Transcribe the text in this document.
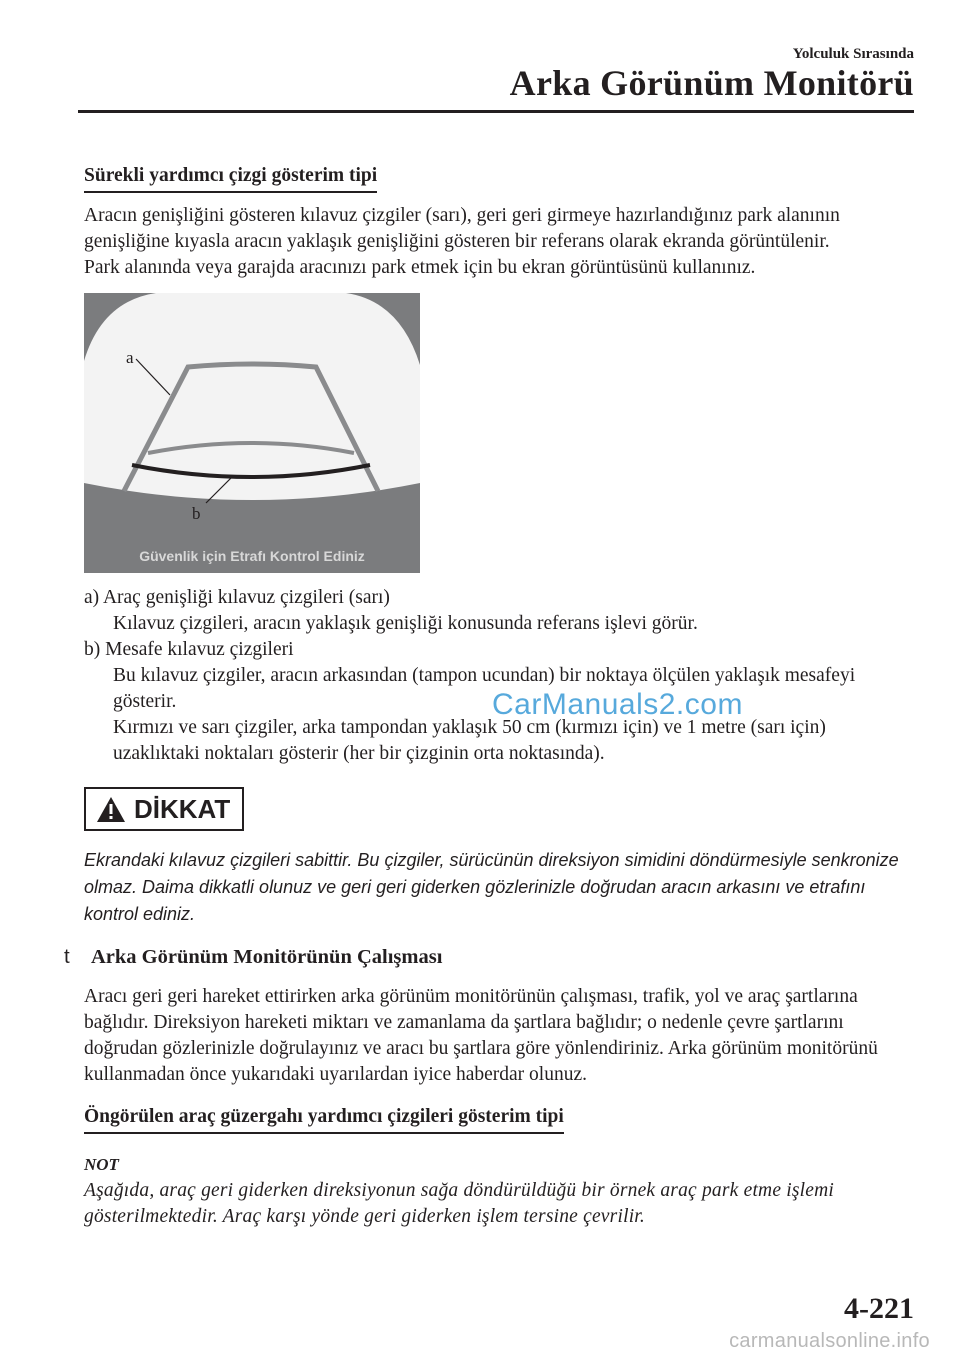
Yolculuk Sırasında
Arka Görünüm Monitörü
Sürekli yardımcı çizgi gösterim tipi

Aracın genişliğini gösteren kılavuz çizgiler (sarı), geri geri girmeye hazırlandığınız park alanının genişliğine kıyasla aracın yaklaşık genişliğini gösteren bir referans olarak ekranda görüntülenir.

Park alanında veya garajda aracınızı park etmek için bu ekran görüntüsünü kullanınız.

a
b
Güvenlik için Etrafı Kontrol Ediniz
a) Araç genişliği kılavuz çizgileri (sarı)
Kılavuz çizgileri, aracın yaklaşık genişliği konusunda referans işlevi görür.
b) Mesafe kılavuz çizgileri
Bu kılavuz çizgiler, aracın arkasından (tampon ucundan) bir noktaya ölçülen yaklaşık mesafeyi gösterir.
Kırmızı ve sarı çizgiler, arka tampondan yaklaşık 50 cm (kırmızı için) ve 1 metre (sarı için) uzaklıktaki noktaları gösterir (her bir çizginin orta noktasında).
DİKKAT

Ekrandaki kılavuz çizgileri sabittir. Bu çizgiler, sürücünün direksiyon simidini döndürmesiyle senkronize olmaz. Daima dikkatli olunuz ve geri geri giderken gözlerinizle doğrudan aracın arkasını ve etrafını kontrol ediniz.

t	Arka Görünüm Monitörünün Çalışması

Aracı geri geri hareket ettirirken arka görünüm monitörünün çalışması, trafik, yol ve araç şartlarına bağlıdır. Direksiyon hareketi miktarı ve zamanlama da şartlara bağlıdır; o nedenle çevre şartlarını doğrudan gözlerinizle doğrulayınız ve aracı bu şartlara göre yönlendiriniz. Arka görünüm monitörünü kullanmadan önce yukarıdaki uyarılardan iyice haberdar olunuz.

Öngörülen araç güzergahı yardımcı çizgileri gösterim tipi
NOT

Aşağıda, araç geri giderken direksiyonun sağa döndürüldüğü bir örnek araç park etme işlemi gösterilmektedir. Araç karşı yönde geri giderken işlem tersine çevrilir.

CarManuals2.com
4-221
carmanualsonline.info
